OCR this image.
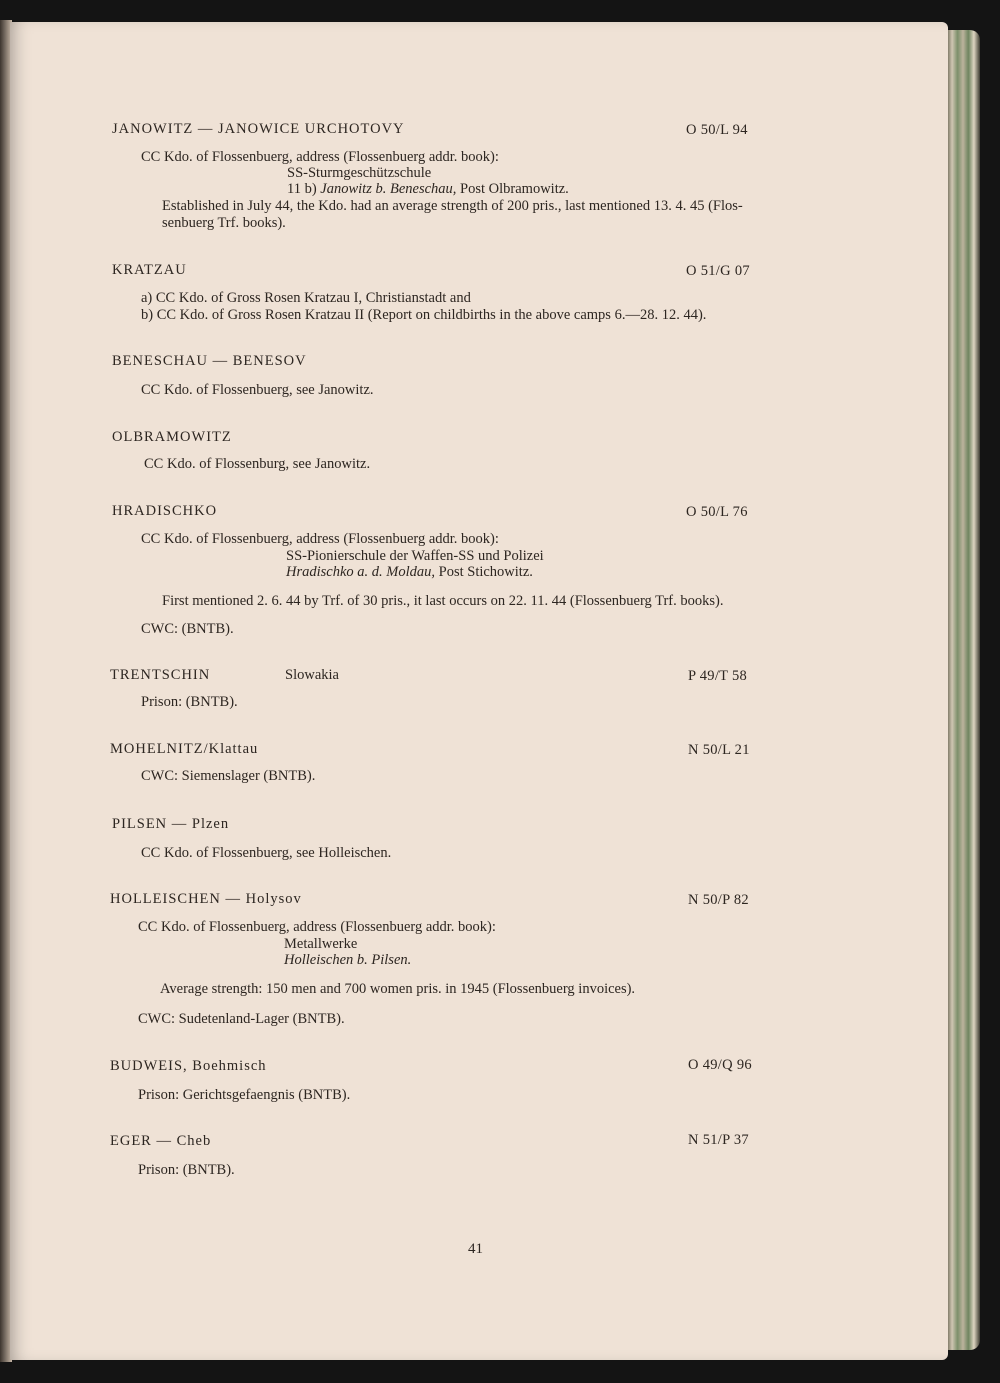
JANOWITZ — JANOWICE URCHOTOVY	O 50/L 94
CC Kdo. of Flossenbuerg, address (Flossenbuerg addr. book):
SS-Sturmgeschützschule
11 b) Janowitz b. Beneschau, Post Olbramowitz.
Established in July 44, the Kdo. had an average strength of 200 pris., last mentioned 13. 4. 45 (Flos-
senbuerg Trf. books).
KRATZAU	O 51/G 07
a) CC Kdo. of Gross Rosen Kratzau I, Christianstadt and
b) CC Kdo. of Gross Rosen Kratzau II (Report on childbirths in the above camps 6.—28. 12. 44).
BENESCHAU — BENESOV
CC Kdo. of Flossenbuerg, see Janowitz.
OLBRAMOWITZ
CC Kdo. of Flossenburg, see Janowitz.
HRADISCHKO	O 50/L 76
CC Kdo. of Flossenbuerg, address (Flossenbuerg addr. book):
SS-Pionierschule der Waffen-SS und Polizei
Hradischko a. d. Moldau, Post Stichowitz.
First mentioned 2. 6. 44 by Trf. of 30 pris., it last occurs on 22. 11. 44 (Flossenbuerg Trf. books).
CWC: (BNTB).
TRENTSCHIN	Slowakia	P 49/T 58
Prison: (BNTB).
MOHELNITZ/Klattau	N 50/L 21
CWC: Siemenslager (BNTB).
PILSEN — Plzen
CC Kdo. of Flossenbuerg, see Holleischen.
HOLLEISCHEN — Holysov	N 50/P 82
CC Kdo. of Flossenbuerg, address (Flossenbuerg addr. book):
Metallwerke
Holleischen b. Pilsen.
Average strength: 150 men and 700 women pris. in 1945 (Flossenbuerg invoices).
CWC: Sudetenland-Lager (BNTB).
BUDWEIS, Boehmisch	O 49/Q 96
Prison: Gerichtsgefaengnis (BNTB).
EGER — Cheb	N 51/P 37
Prison: (BNTB).
41
